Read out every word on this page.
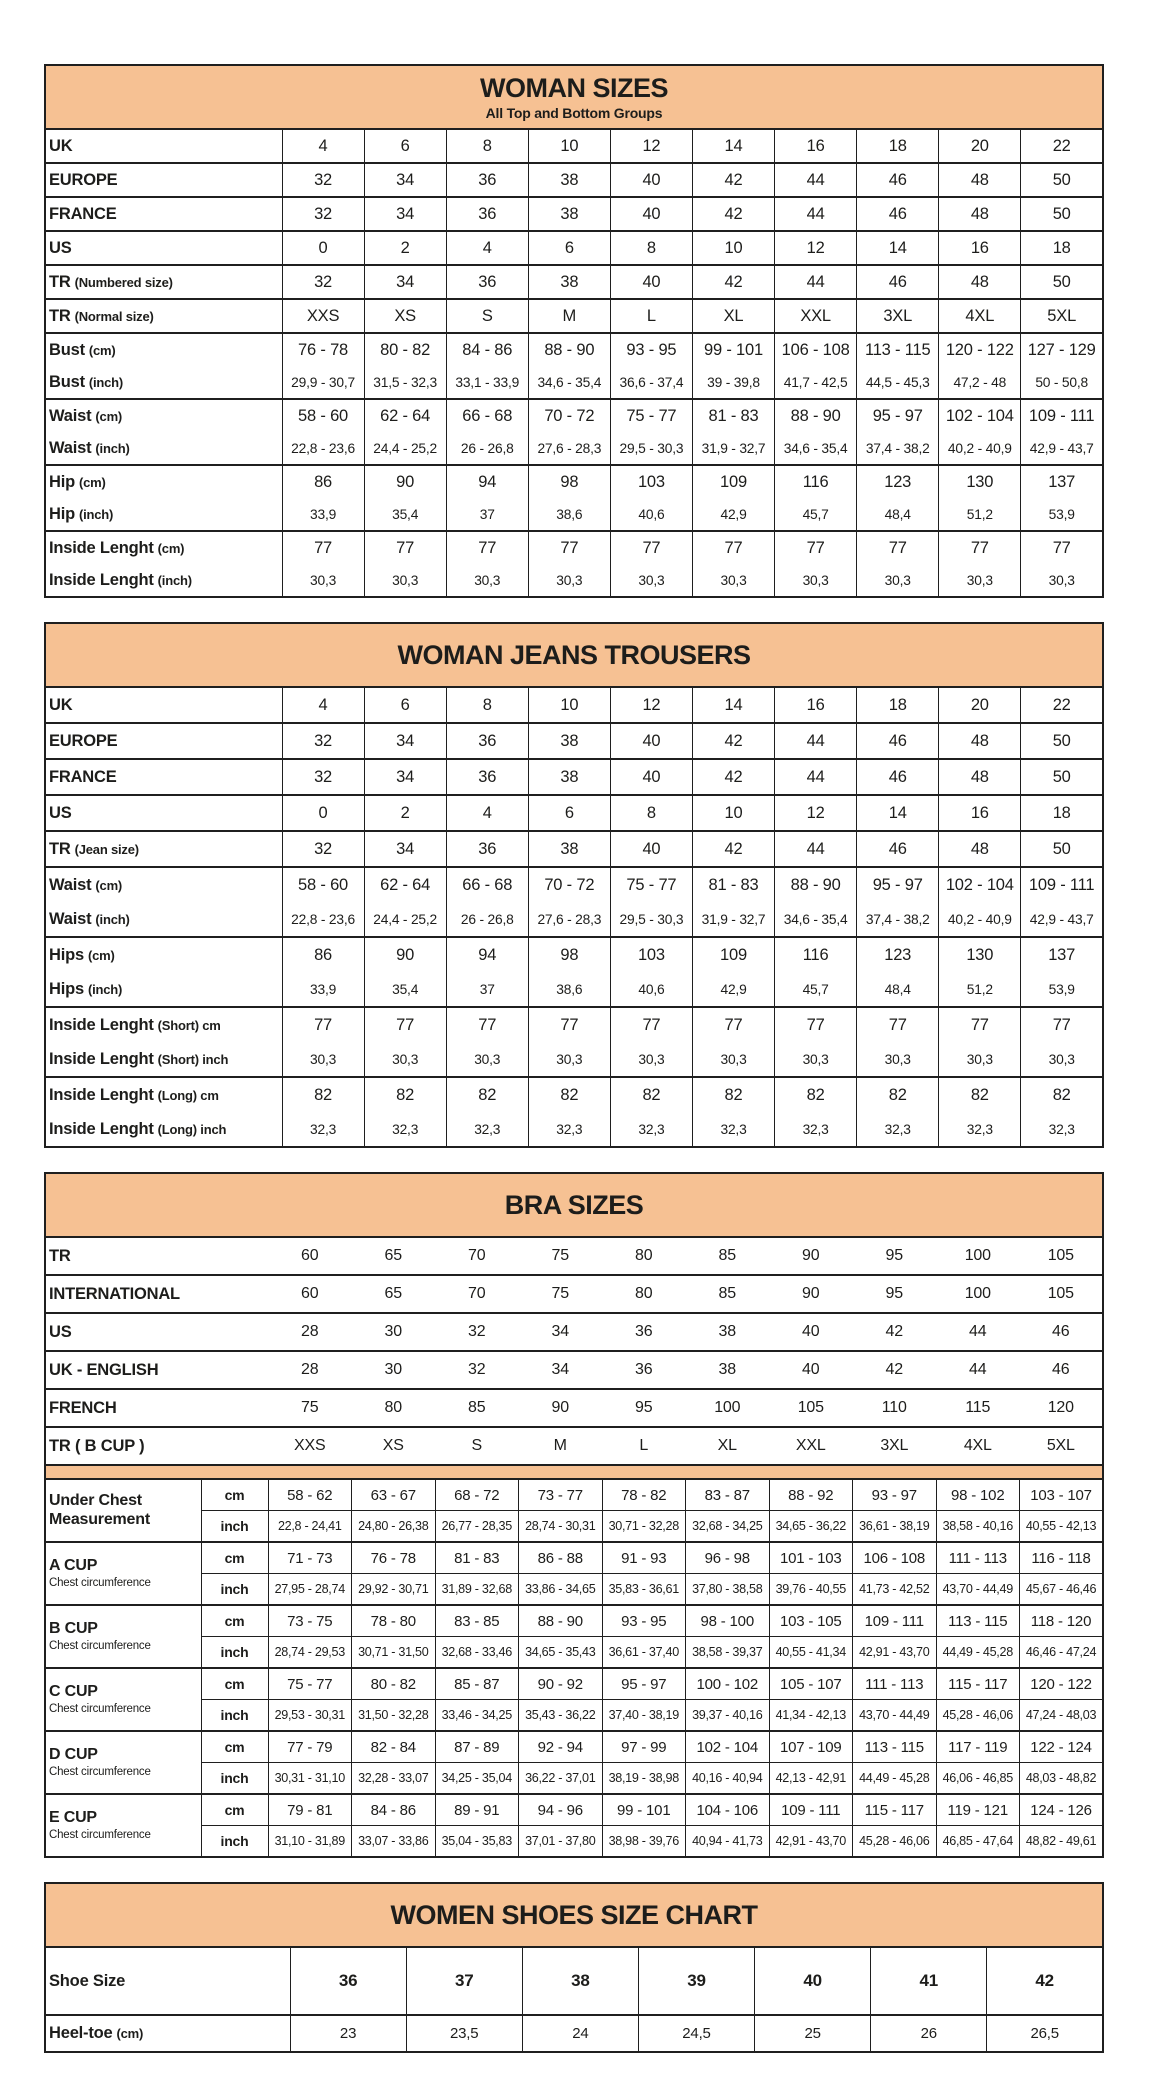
WOMAN SIZES
All Top and Bottom Groups										

UK	4	6	8	10	12	14	16	18	20	22
EUROPE	32	34	36	38	40	42	44	46	48	50
FRANCE	32	34	36	38	40	42	44	46	48	50
US	0	2	4	6	8	10	12	14	16	18
TR (Numbered size)	32	34	36	38	40	42	44	46	48	50
TR (Normal size)	XXS	XS	S	M	L	XL	XXL	3XL	4XL	5XL
Bust (cm)	76 - 78	80 - 82	84 - 86	88 - 90	93 - 95	99 - 101	106 - 108	113 - 115	120 - 122	127 - 129
Bust (inch)	29,9 - 30,7	31,5 - 32,3	33,1 - 33,9	34,6 - 35,4	36,6 - 37,4	39 - 39,8	41,7 - 42,5	44,5 - 45,3	47,2 - 48	50 - 50,8
Waist (cm)	58 - 60	62 - 64	66 - 68	70 - 72	75 - 77	81 - 83	88 - 90	95 - 97	102 - 104	109 - 111
Waist (inch)	22,8 - 23,6	24,4 - 25,2	26 - 26,8	27,6 - 28,3	29,5 - 30,3	31,9 - 32,7	34,6 - 35,4	37,4 - 38,2	40,2 - 40,9	42,9 - 43,7
Hip (cm)	86	90	94	98	103	109	116	123	130	137
Hip (inch)	33,9	35,4	37	38,6	40,6	42,9	45,7	48,4	51,2	53,9
Inside Lenght (cm)	77	77	77	77	77	77	77	77	77	77
Inside Lenght (inch)	30,3	30,3	30,3	30,3	30,3	30,3	30,3	30,3	30,3	30,3
WOMAN JEANS TROUSERS										

UK	4	6	8	10	12	14	16	18	20	22
EUROPE	32	34	36	38	40	42	44	46	48	50
FRANCE	32	34	36	38	40	42	44	46	48	50
US	0	2	4	6	8	10	12	14	16	18
TR (Jean size)	32	34	36	38	40	42	44	46	48	50
Waist (cm)	58 - 60	62 - 64	66 - 68	70 - 72	75 - 77	81 - 83	88 - 90	95 - 97	102 - 104	109 - 111
Waist (inch)	22,8 - 23,6	24,4 - 25,2	26 - 26,8	27,6 - 28,3	29,5 - 30,3	31,9 - 32,7	34,6 - 35,4	37,4 - 38,2	40,2 - 40,9	42,9 - 43,7
Hips (cm)	86	90	94	98	103	109	116	123	130	137
Hips (inch)	33,9	35,4	37	38,6	40,6	42,9	45,7	48,4	51,2	53,9
Inside Lenght (Short) cm	77	77	77	77	77	77	77	77	77	77
Inside Lenght (Short) inch	30,3	30,3	30,3	30,3	30,3	30,3	30,3	30,3	30,3	30,3
Inside Lenght (Long) cm	82	82	82	82	82	82	82	82	82	82
Inside Lenght (Long) inch	32,3	32,3	32,3	32,3	32,3	32,3	32,3	32,3	32,3	32,3
BRA SIZES											

TR		60	65	70	75	80	85	90	95	100	105
INTERNATIONAL		60	65	70	75	80	85	90	95	100	105
US		28	30	32	34	36	38	40	42	44	46
UK - ENGLISH		28	30	32	34	36	38	40	42	44	46
FRENCH		75	80	85	90	95	100	105	110	115	120
TR ( B CUP )		XXS	XS	S	M	L	XL	XXL	3XL	4XL	5XL

Under Chest Measurement	cm	58 - 62	63 - 67	68 - 72	73 - 77	78 - 82	83 - 87	88 - 92	93 - 97	98 - 102	103 - 107
	inch	22,8 - 24,41	24,80 - 26,38	26,77 - 28,35	28,74 - 30,31	30,71 - 32,28	32,68 - 34,25	34,65 - 36,22	36,61 - 38,19	38,58 - 40,16	40,55 - 42,13

A CUP
Chest circumference	cm	71 - 73	76 - 78	81 - 83	86 - 88	91 - 93	96 - 98	101 - 103	106 - 108	111 - 113	116 - 118
	inch	27,95 - 28,74	29,92 - 30,71	31,89 - 32,68	33,86 - 34,65	35,83 - 36,61	37,80 - 38,58	39,76 - 40,55	41,73 - 42,52	43,70 - 44,49	45,67 - 46,46

B CUP
Chest circumference	cm	73 - 75	78 - 80	83 - 85	88 - 90	93 - 95	98 - 100	103 - 105	109 - 111	113 - 115	118 - 120
	inch	28,74 - 29,53	30,71 - 31,50	32,68 - 33,46	34,65 - 35,43	36,61 - 37,40	38,58 - 39,37	40,55 - 41,34	42,91 - 43,70	44,49 - 45,28	46,46 - 47,24

C CUP
Chest circumference	cm	75 - 77	80 - 82	85 - 87	90 - 92	95 - 97	100 - 102	105 - 107	111 - 113	115 - 117	120 - 122
	inch	29,53 - 30,31	31,50 - 32,28	33,46 - 34,25	35,43 - 36,22	37,40 - 38,19	39,37 - 40,16	41,34 - 42,13	43,70 - 44,49	45,28 - 46,06	47,24 - 48,03

D CUP
Chest circumference	cm	77 - 79	82 - 84	87 - 89	92 - 94	97 - 99	102 - 104	107 - 109	113 - 115	117 - 119	122 - 124
	inch	30,31 - 31,10	32,28 - 33,07	34,25 - 35,04	36,22 - 37,01	38,19 - 38,98	40,16 - 40,94	42,13 - 42,91	44,49 - 45,28	46,06 - 46,85	48,03 - 48,82

E CUP
Chest circumference	cm	79 - 81	84 - 86	89 - 91	94 - 96	99 - 101	104 - 106	109 - 111	115 - 117	119 - 121	124 - 126
	inch	31,10 - 31,89	33,07 - 33,86	35,04 - 35,83	37,01 - 37,80	38,98 - 39,76	40,94 - 41,73	42,91 - 43,70	45,28 - 46,06	46,85 - 47,64	48,82 - 49,61
WOMEN SHOES SIZE CHART							

Shoe Size	36	37	38	39	40	41	42
Heel-toe (cm)	23	23,5	24	24,5	25	26	26,5
